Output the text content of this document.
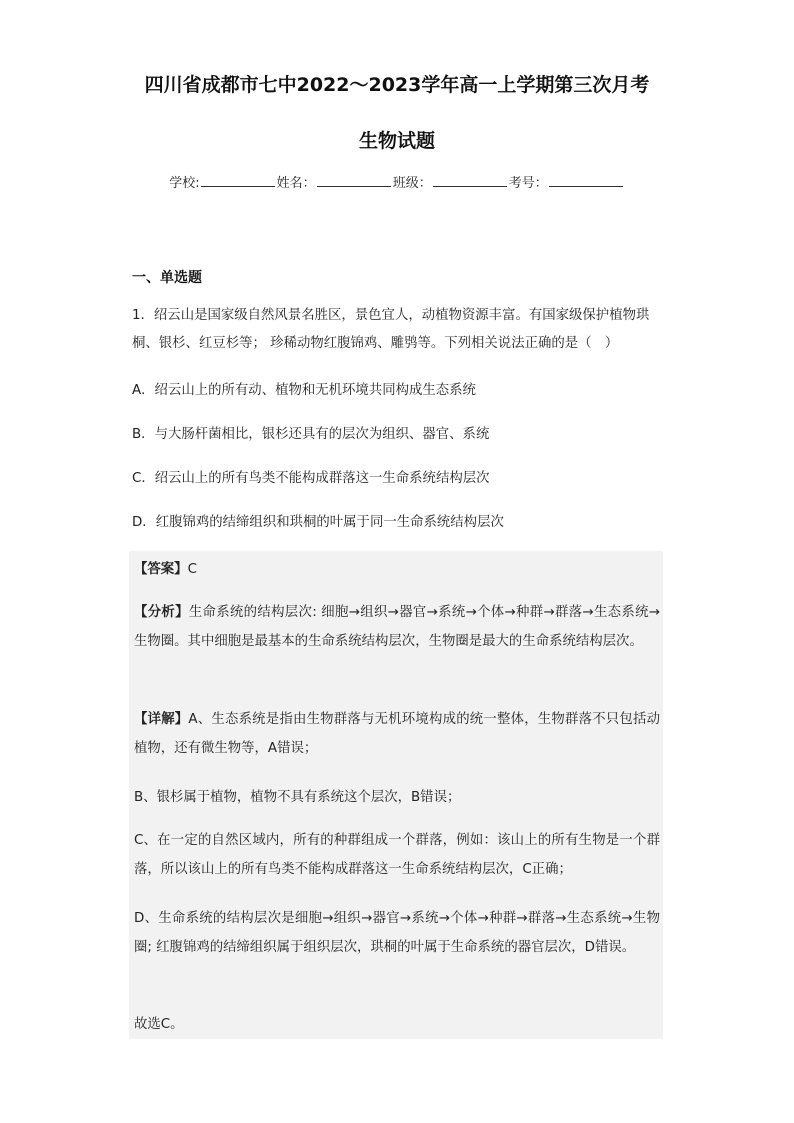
四川省成都市七中2022～2023学年高一上学期第三次月考
生物试题
学校:	姓名：	班级：	考号：
一、单选题
1．绍云山是国家级自然风景名胜区，景色宜人，动植物资源丰富。有国家级保护植物珙桐、银杉、红豆杉等； 珍稀动物红腹锦鸡、雕鸮等。下列相关说法正确的是（　）
A．绍云山上的所有动、植物和无机环境共同构成生态系统
B．与大肠杆菌相比，银杉还具有的层次为组织、器官、系统
C．绍云山上的所有鸟类不能构成群落这一生命系统结构层次
D．红腹锦鸡的结缔组织和珙桐的叶属于同一生命系统结构层次
【答案】C
【分析】生命系统的结构层次: 细胞→组织→器官→系统→个体→种群→群落→生态系统→生物圈。其中细胞是最基本的生命系统结构层次，生物圈是最大的生命系统结构层次。
【详解】A、生态系统是指由生物群落与无机环境构成的统一整体，生物群落不只包括动植物，还有微生物等，A错误；
B、银杉属于植物，植物不具有系统这个层次，B错误；
C、在一定的自然区域内，所有的种群组成一个群落，例如：该山上的所有生物是一个群落，所以该山上的所有鸟类不能构成群落这一生命系统结构层次，C正确；
D、生命系统的结构层次是细胞→组织→器官→系统→个体→种群→群落→生态系统→生物圈; 红腹锦鸡的结缔组织属于组织层次，珙桐的叶属于生命系统的器官层次，D错误。
故选C。
